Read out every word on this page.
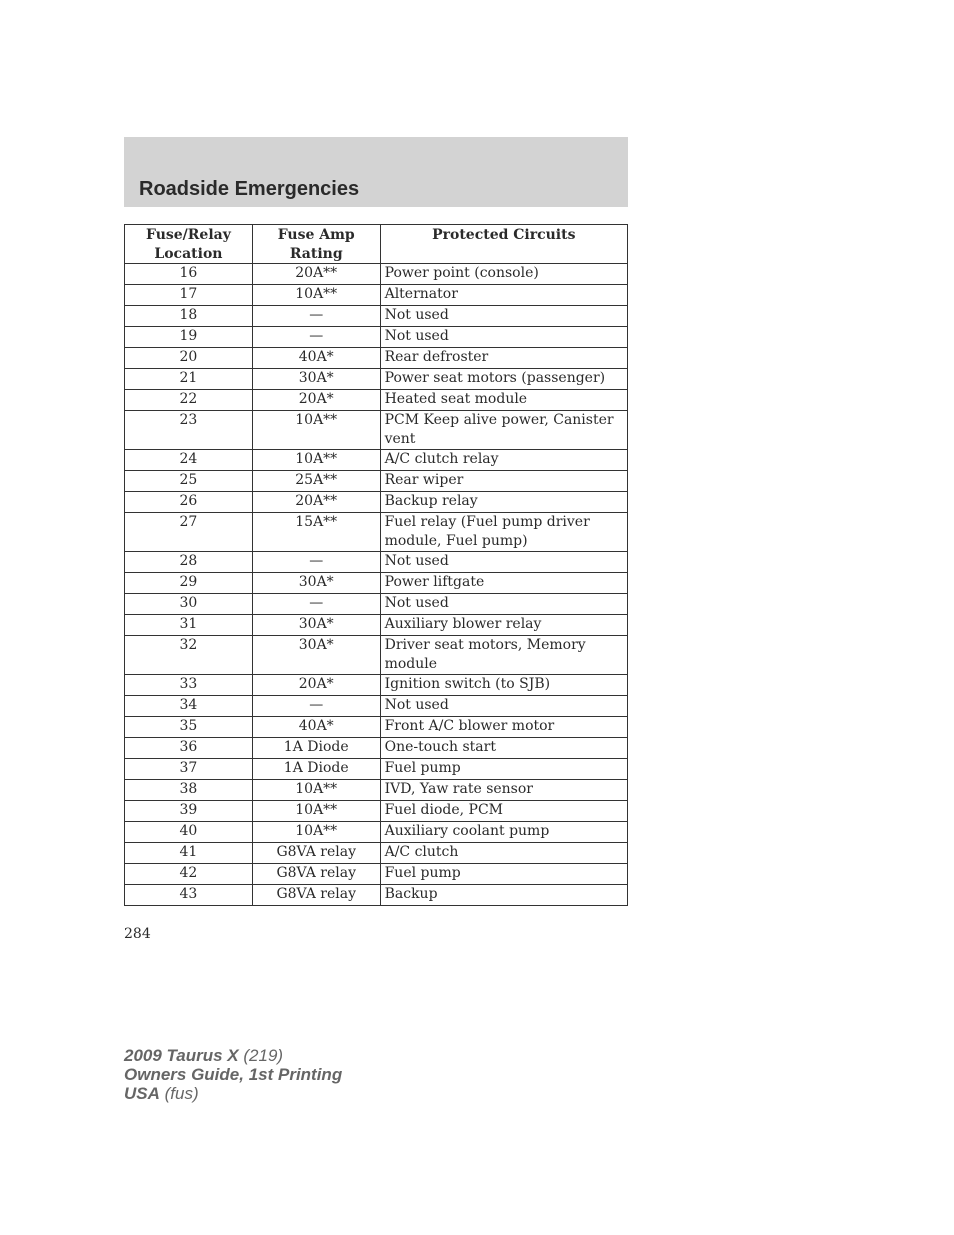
Roadside Emergencies
Fuse/Relay Location	Fuse Amp Rating	Protected Circuits
16	20A**	Power point (console)
17	10A**	Alternator
18	—	Not used
19	—	Not used
20	40A*	Rear defroster
21	30A*	Power seat motors (passenger)
22	20A*	Heated seat module
23	10A**	PCM Keep alive power, Canister vent
24	10A**	A/C clutch relay
25	25A**	Rear wiper
26	20A**	Backup relay
27	15A**	Fuel relay (Fuel pump driver module, Fuel pump)
28	—	Not used
29	30A*	Power liftgate
30	—	Not used
31	30A*	Auxiliary blower relay
32	30A*	Driver seat motors, Memory module
33	20A*	Ignition switch (to SJB)
34	—	Not used
35	40A*	Front A/C blower motor
36	1A Diode	One-touch start
37	1A Diode	Fuel pump
38	10A**	IVD, Yaw rate sensor
39	10A**	Fuel diode, PCM
40	10A**	Auxiliary coolant pump
41	G8VA relay	A/C clutch
42	G8VA relay	Fuel pump
43	G8VA relay	Backup
284
2009 Taurus X (219)
Owners Guide, 1st Printing
USA (fus)
